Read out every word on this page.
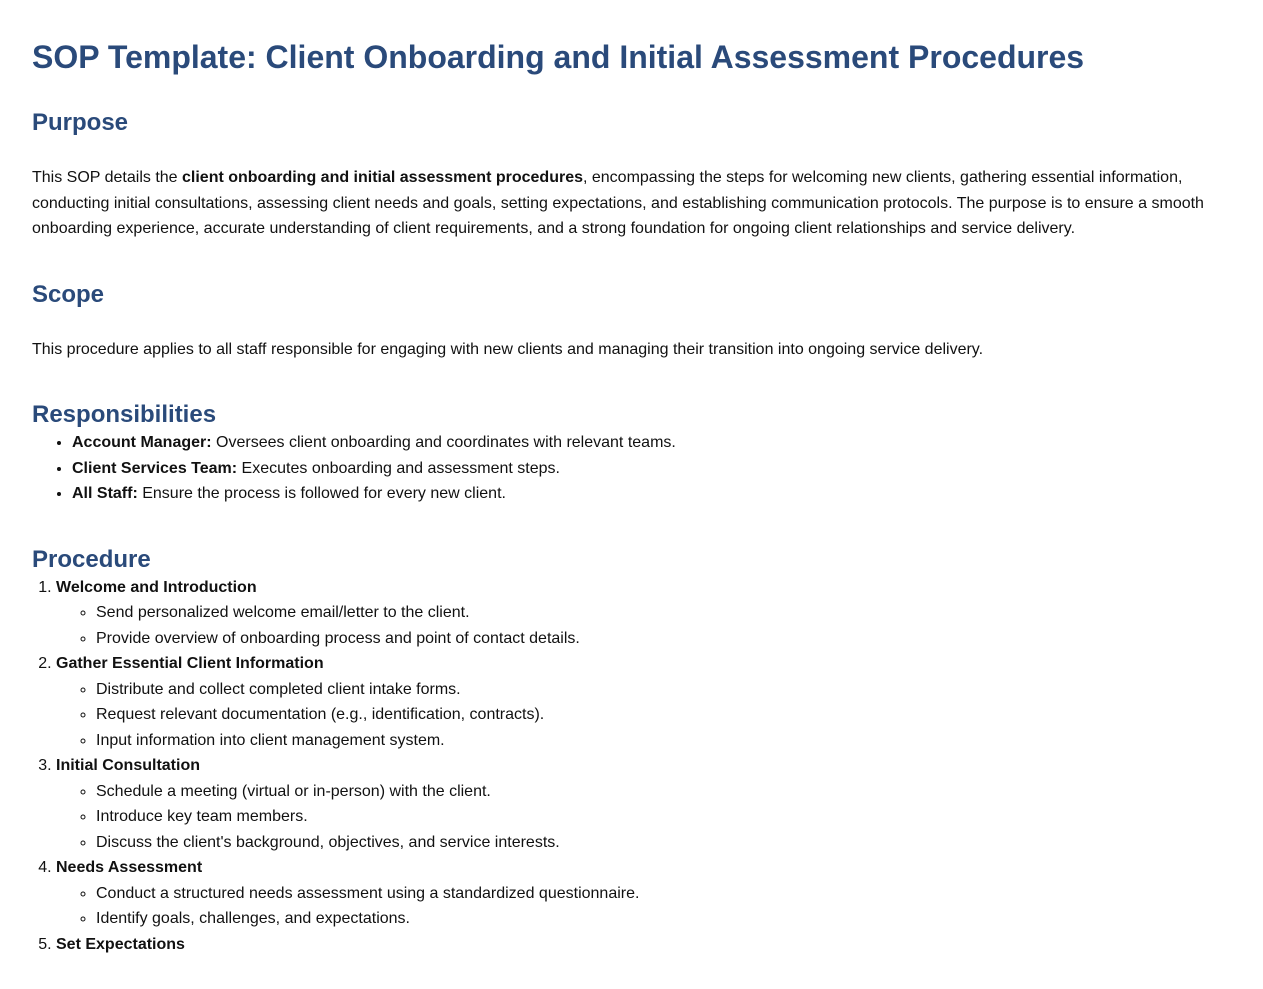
SOP Template: Client Onboarding and Initial Assessment Procedures
Purpose

This SOP details the client onboarding and initial assessment procedures, encompassing the steps for welcoming new clients, gathering essential information, conducting initial consultations, assessing client needs and goals, setting expectations, and establishing communication protocols. The purpose is to ensure a smooth onboarding experience, accurate understanding of client requirements, and a strong foundation for ongoing client relationships and service delivery.

Scope

This procedure applies to all staff responsible for engaging with new clients and managing their transition into ongoing service delivery.

Responsibilities
• Account Manager: Oversees client onboarding and coordinates with relevant teams.
• Client Services Team: Executes onboarding and assessment steps.
• All Staff: Ensure the process is followed for every new client.
Procedure
1. Welcome and Introduction
◦ Send personalized welcome email/letter to the client.
◦ Provide overview of onboarding process and point of contact details.
2. Gather Essential Client Information
◦ Distribute and collect completed client intake forms.
◦ Request relevant documentation (e.g., identification, contracts).
◦ Input information into client management system.
3. Initial Consultation
◦ Schedule a meeting (virtual or in-person) with the client.
◦ Introduce key team members.
◦ Discuss the client's background, objectives, and service interests.
4. Needs Assessment
◦ Conduct a structured needs assessment using a standardized questionnaire.
◦ Identify goals, challenges, and expectations.
5. Set Expectations
